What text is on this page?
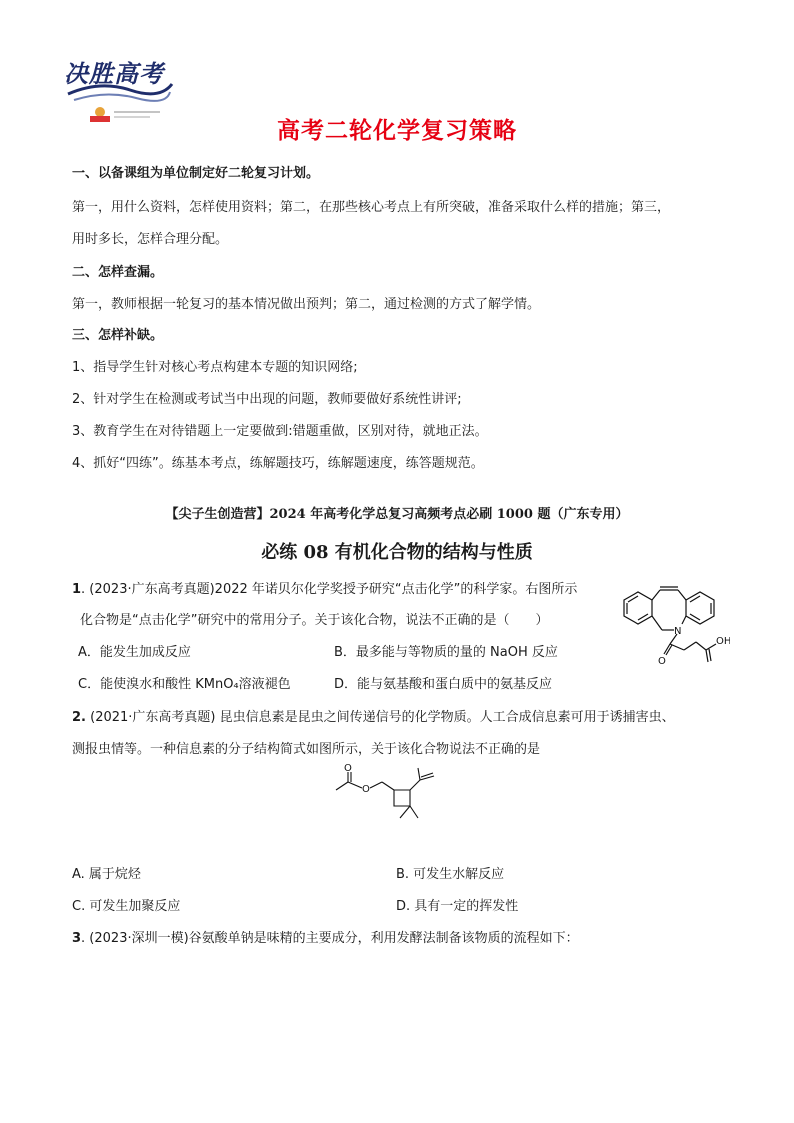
决胜高考
高考二轮化学复习策略
一、以备课组为单位制定好二轮复习计划。
第一，用什么资料，怎样使用资料；第二，在那些核心考点上有所突破，准备采取什么样的措施；第三，
用时多长，怎样合理分配。
二、怎样查漏。
第一，教师根据一轮复习的基本情况做出预判；第二，通过检测的方式了解学情。
三、怎样补缺。
1、指导学生针对核心考点构建本专题的知识网络;
2、针对学生在检测或考试当中出现的问题，教师要做好系统性讲评;
3、教育学生在对待错题上一定要做到:错题重做，区别对待，就地正法。
4、抓好“四练”。练基本考点，练解题技巧，练解题速度，练答题规范。
【尖子生创造营】2024 年高考化学总复习高频考点必刷 1000 题（广东专用）
必练 08 有机化合物的结构与性质
1. (2023·广东高考真题)2022 年诺贝尔化学奖授予研究“点击化学”的科学家。右图所示
化合物是“点击化学”研究中的常用分子。关于该化合物，说法不正确的是（　　）
A．能发生加成反应	B．最多能与等物质的量的 NaOH 反应
C．能使溴水和酸性 KMnO₄溶液褪色	D．能与氨基酸和蛋白质中的氨基反应
N
O
OH
2. (2021·广东高考真题) 昆虫信息素是昆虫之间传递信号的化学物质。人工合成信息素可用于诱捕害虫、
测报虫情等。一种信息素的分子结构简式如图所示，关于该化合物说法不正确的是
O
O
A. 属于烷烃	B. 可发生水解反应
C. 可发生加聚反应	D. 具有一定的挥发性
3. (2023·深圳一模)谷氨酸单钠是味精的主要成分，利用发酵法制备该物质的流程如下：
